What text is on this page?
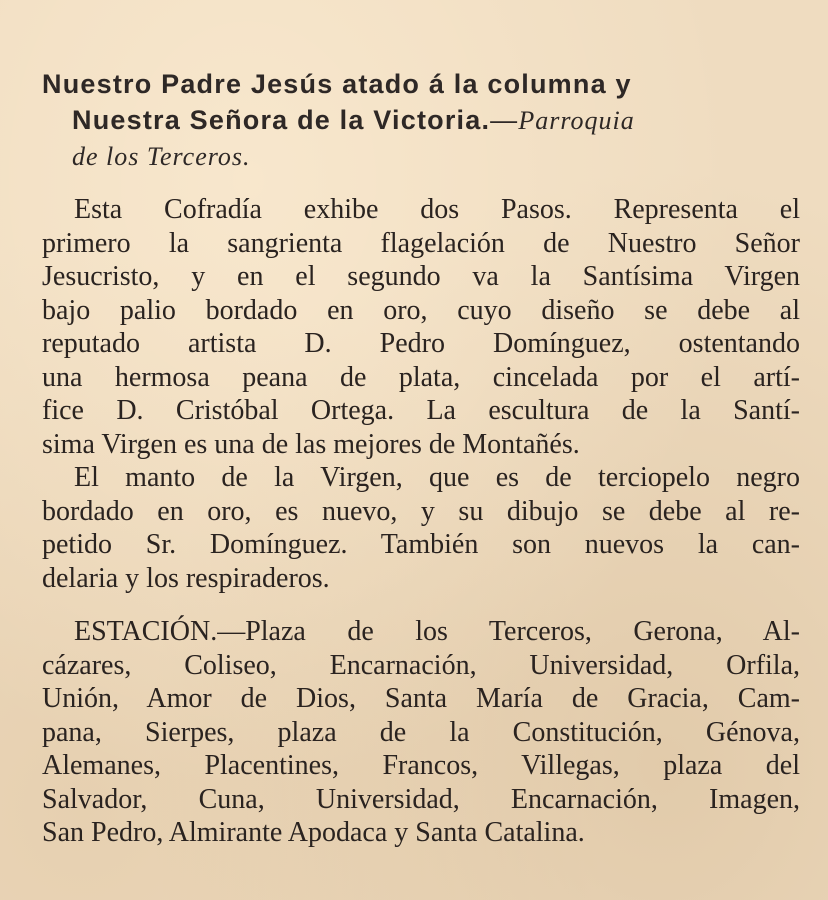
Nuestro Padre Jesús atado á la columna y
Nuestra Señora de la Victoria.—Parroquia
de los Terceros.

Esta Cofradía exhibe dos Pasos. Representa el
primero la sangrienta flagelación de Nuestro Señor
Jesucristo, y en el segundo va la Santísima Virgen
bajo palio bordado en oro, cuyo diseño se debe al
reputado artista D. Pedro Domínguez, ostentando
una hermosa peana de plata, cincelada por el artí-
fice D. Cristóbal Ortega. La escultura de la Santí-
sima Virgen es una de las mejores de Montañés.

El manto de la Virgen, que es de terciopelo negro
bordado en oro, es nuevo, y su dibujo se debe al re-
petido Sr. Domínguez. También son nuevos la can-
delaria y los respiraderos.

ESTACIÓN.—Plaza de los Terceros, Gerona, Al-
cázares, Coliseo, Encarnación, Universidad, Orfila,
Unión, Amor de Dios, Santa María de Gracia, Cam-
pana, Sierpes, plaza de la Constitución, Génova,
Alemanes, Placentines, Francos, Villegas, plaza del
Salvador, Cuna, Universidad, Encarnación, Imagen,
San Pedro, Almirante Apodaca y Santa Catalina.
